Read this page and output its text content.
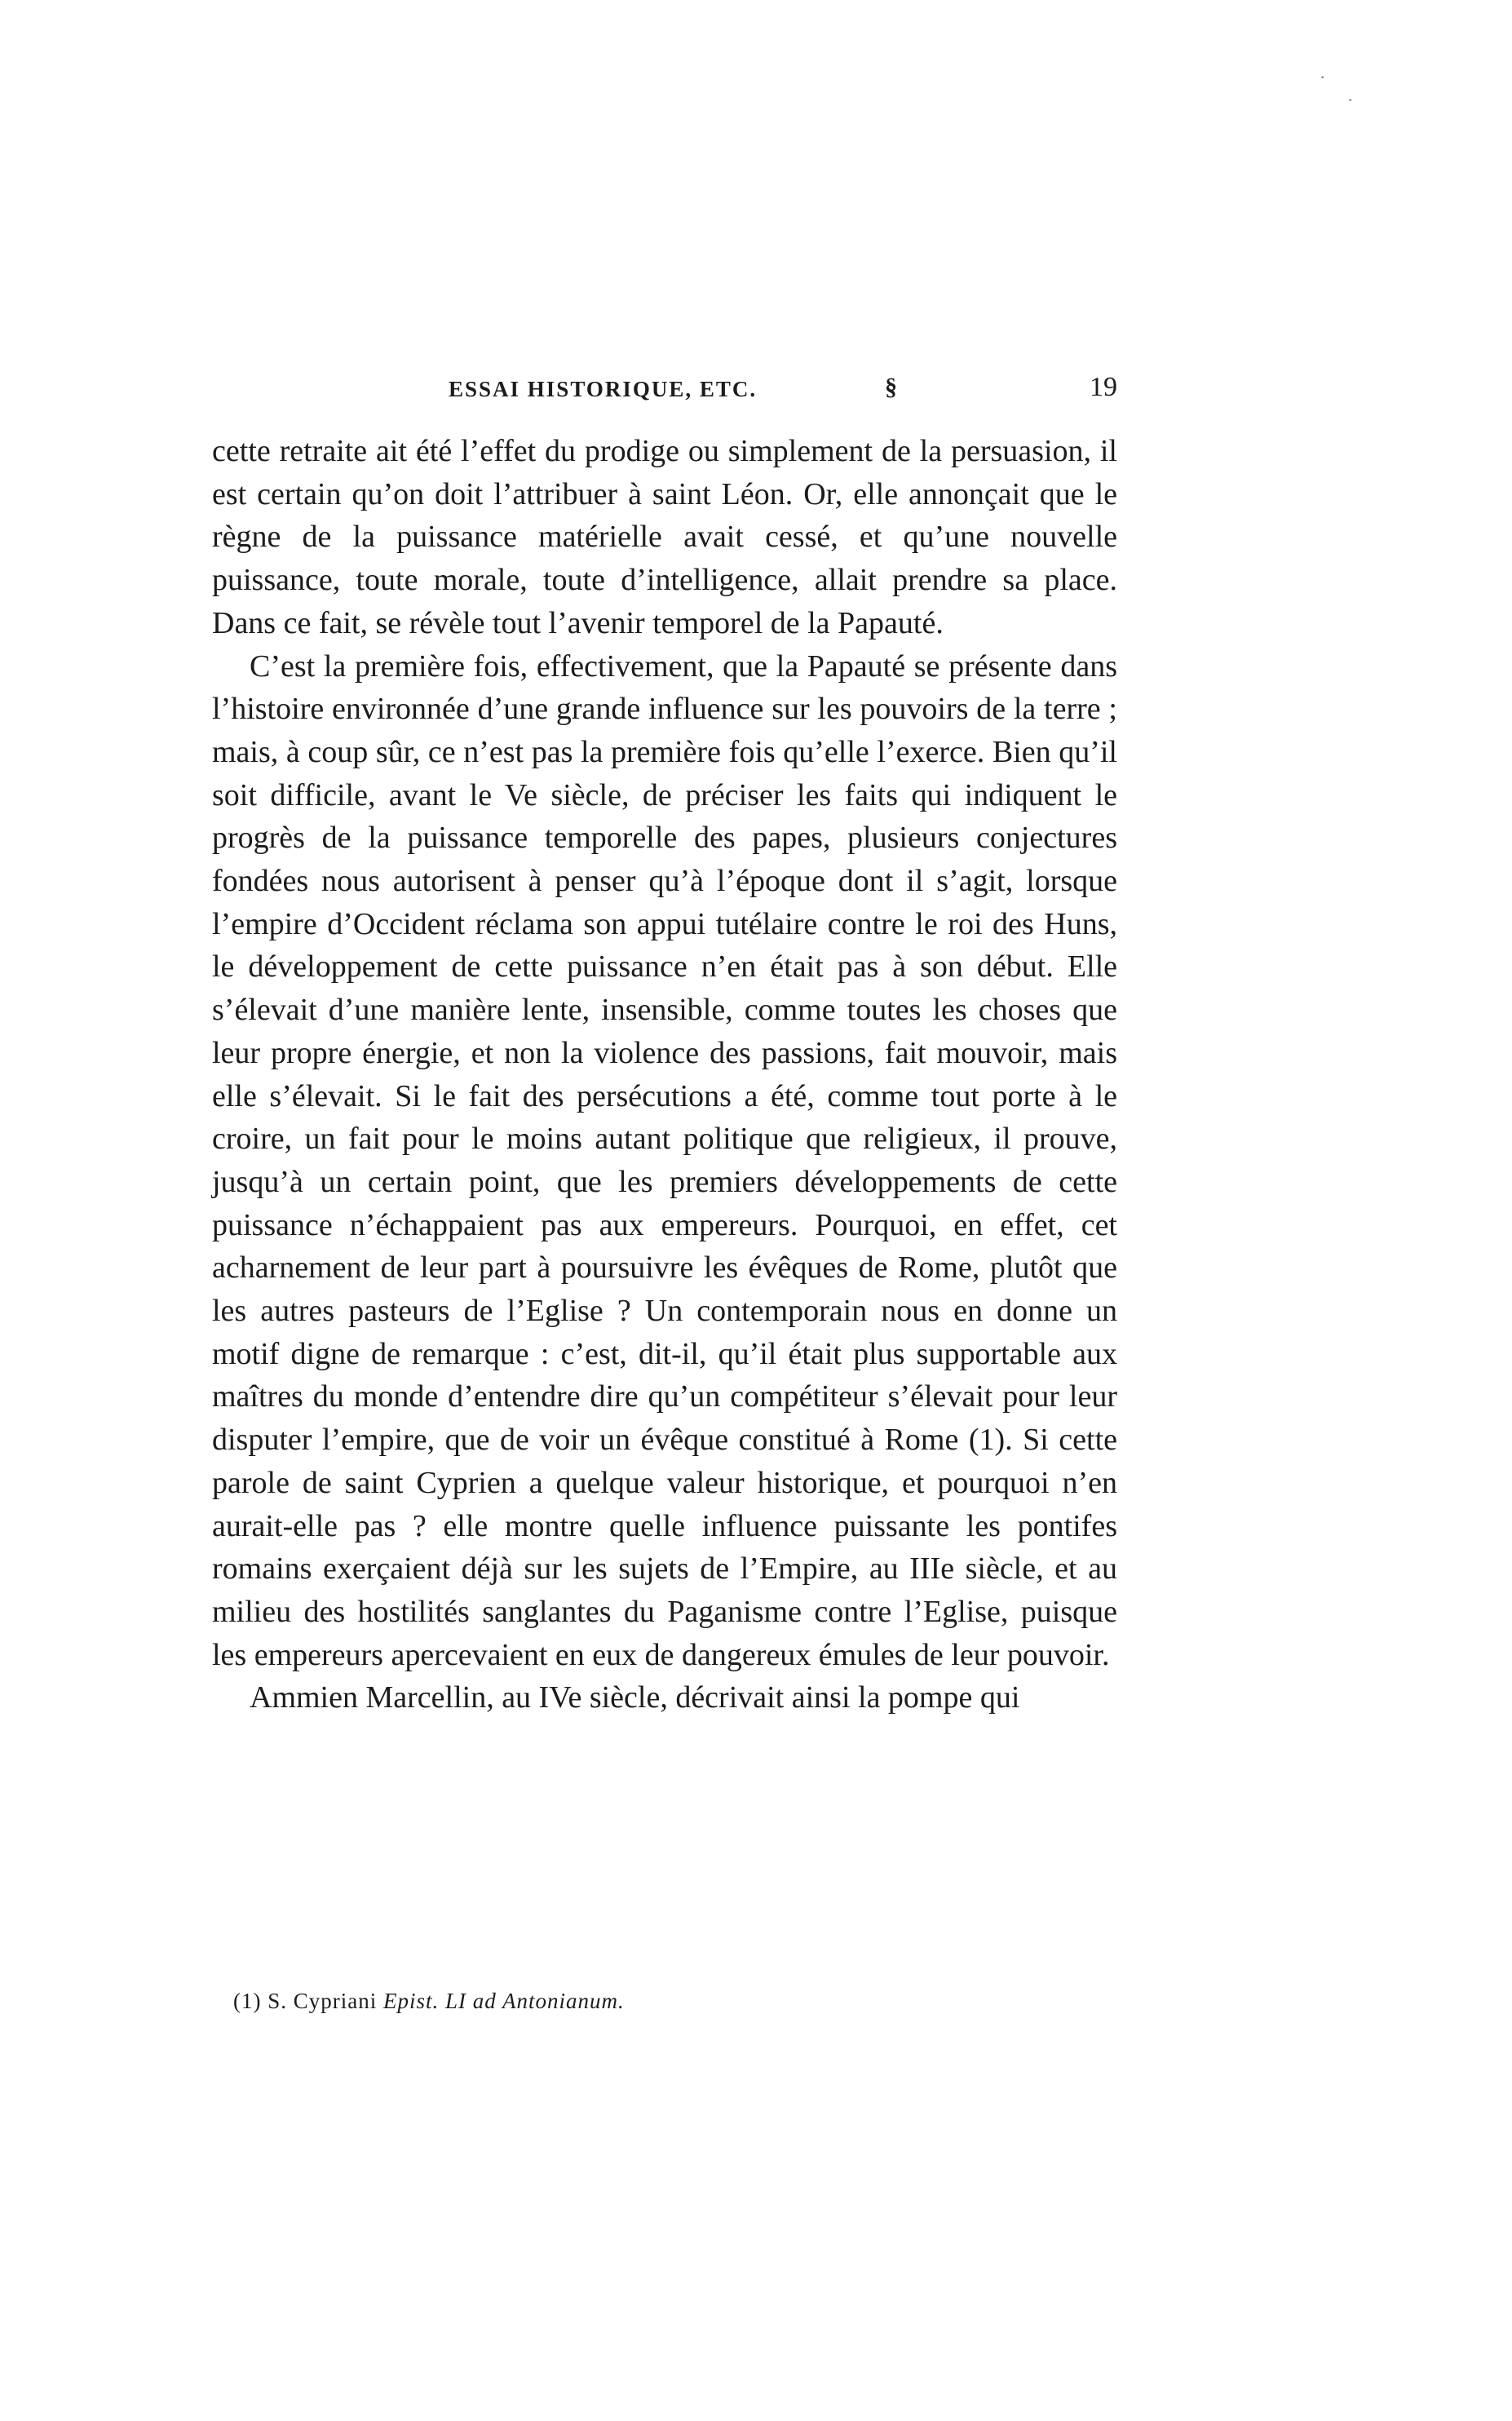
·
·
ESSAI HISTORIQUE, ETC.	§	19

cette retraite ait été l’effet du prodige ou simplement de la persuasion, il est certain qu’on doit l’attribuer à saint Léon. Or, elle annonçait que le règne de la puissance matérielle avait cessé, et qu’une nouvelle puissance, toute morale, toute d’intelligence, allait prendre sa place. Dans ce fait, se révèle tout l’avenir temporel de la Papauté.

C’est la première fois, effectivement, que la Papauté se présente dans l’histoire environnée d’une grande influence sur les pouvoirs de la terre ; mais, à coup sûr, ce n’est pas la première fois qu’elle l’exerce. Bien qu’il soit difficile, avant le Ve siècle, de préciser les faits qui indiquent le progrès de la puissance temporelle des papes, plusieurs conjectures fondées nous autorisent à penser qu’à l’époque dont il s’agit, lorsque l’empire d’Occident réclama son appui tutélaire contre le roi des Huns, le développement de cette puissance n’en était pas à son début. Elle s’élevait d’une manière lente, insensible, comme toutes les choses que leur propre énergie, et non la violence des passions, fait mouvoir, mais elle s’élevait. Si le fait des persécutions a été, comme tout porte à le croire, un fait pour le moins autant politique que religieux, il prouve, jusqu’à un certain point, que les premiers développements de cette puissance n’échappaient pas aux empereurs. Pourquoi, en effet, cet acharnement de leur part à poursuivre les évêques de Rome, plutôt que les autres pasteurs de l’Eglise ? Un contemporain nous en donne un motif digne de remarque : c’est, dit-il, qu’il était plus supportable aux maîtres du monde d’entendre dire qu’un compétiteur s’élevait pour leur disputer l’empire, que de voir un évêque constitué à Rome (1). Si cette parole de saint Cyprien a quelque valeur historique, et pourquoi n’en aurait-elle pas ? elle montre quelle influence puissante les pontifes romains exerçaient déjà sur les sujets de l’Empire, au IIIe siècle, et au milieu des hostilités sanglantes du Paganisme contre l’Eglise, puisque les empereurs apercevaient en eux de dangereux émules de leur pouvoir.

Ammien Marcellin, au IVe siècle, décrivait ainsi la pompe qui

(1) S. Cypriani Epist. LI ad Antonianum.
